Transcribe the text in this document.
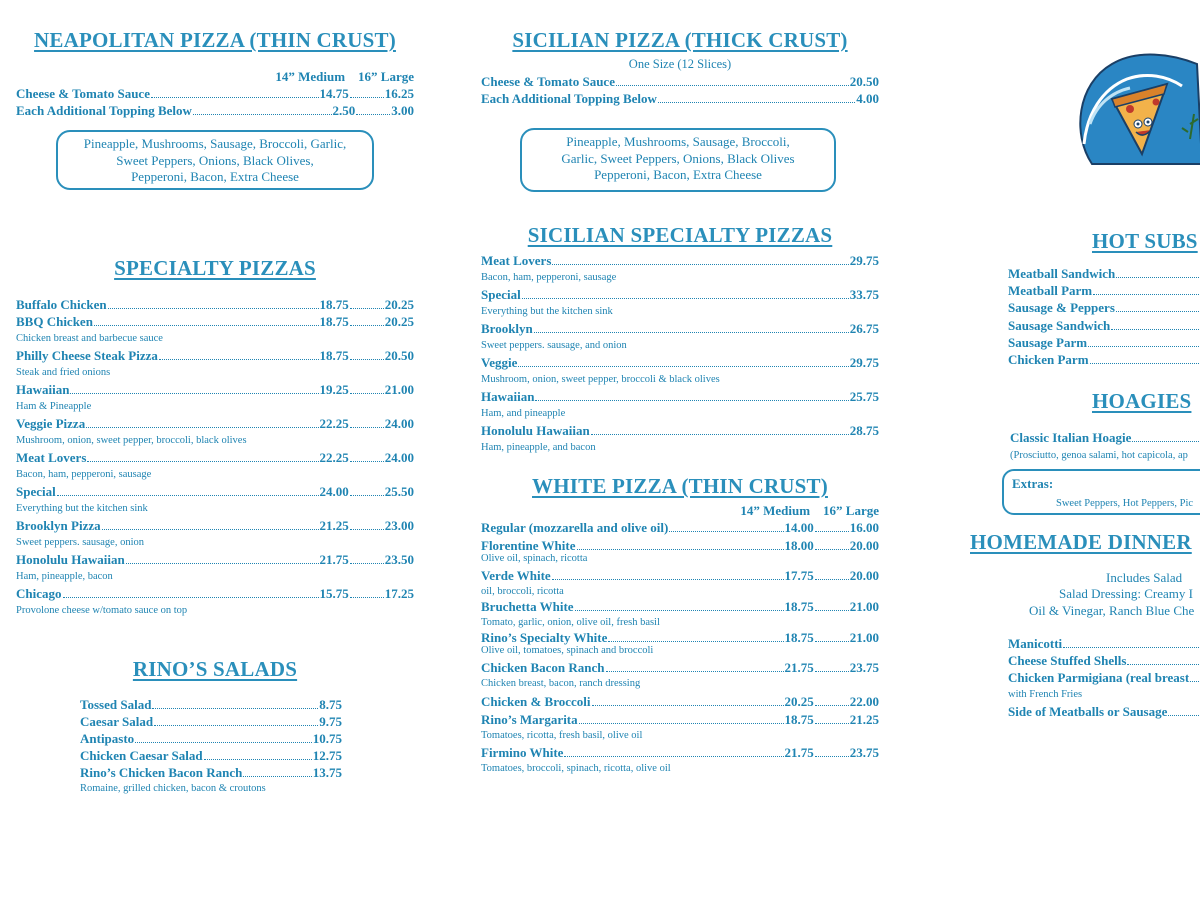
NEAPOLITAN PIZZA (THIN CRUST)
14” Medium 16” Large
Cheese & Tomato Sauce	14.75	16.25
Each Additional Topping Below	2.50	3.00
Pineapple, Mushrooms, Sausage, Broccoli, Garlic,
Sweet Peppers, Onions, Black Olives,
Pepperoni, Bacon, Extra Cheese
SPECIALTY PIZZAS
Buffalo Chicken	18.75	20.25
BBQ Chicken	18.75	20.25
Chicken breast and barbecue sauce
Philly Cheese Steak Pizza	18.75	20.50
Steak and fried onions
Hawaiian	19.25	21.00
Ham & Pineapple
Veggie Pizza	22.25	24.00
Mushroom, onion, sweet pepper, broccoli, black olives
Meat Lovers	22.25	24.00
Bacon, ham, pepperoni, sausage
Special	24.00	25.50
Everything but the kitchen sink
Brooklyn Pizza	21.25	23.00
Sweet peppers. sausage, onion
Honolulu Hawaiian	21.75	23.50
Ham, pineapple, bacon
Chicago	15.75	17.25
Provolone cheese w/tomato sauce on top
RINO’S SALADS
Tossed Salad	8.75
Caesar Salad	9.75
Antipasto	10.75
Chicken Caesar Salad	12.75
Rino’s Chicken Bacon Ranch	13.75
Romaine, grilled chicken, bacon & croutons
SICILIAN PIZZA (THICK CRUST)
One Size (12 Slices)
Cheese & Tomato Sauce	20.50
Each Additional Topping Below	4.00
Pineapple, Mushrooms, Sausage, Broccoli,
Garlic, Sweet Peppers, Onions, Black Olives
Pepperoni, Bacon, Extra Cheese
SICILIAN SPECIALTY PIZZAS
Meat Lovers	29.75
Bacon, ham, pepperoni, sausage
Special	33.75
Everything but the kitchen sink
Brooklyn	26.75
Sweet peppers. sausage, and onion
Veggie	29.75
Mushroom, onion, sweet pepper, broccoli & black olives
Hawaiian	25.75
Ham, and pineapple
Honolulu Hawaiian	28.75
Ham, pineapple, and bacon
WHITE PIZZA (THIN CRUST)
14” Medium 16” Large
Regular (mozzarella and olive oil)	14.00	16.00
Florentine White	18.00	20.00
Olive oil, spinach, ricotta
Verde White	17.75	20.00
oil, broccoli, ricotta
Bruchetta White	18.75	21.00
Tomato, garlic, onion, olive oil, fresh basil
Rino’s Specialty White	18.75	21.00
Olive oil, tomatoes, spinach and broccoli
Chicken Bacon Ranch	21.75	23.75
Chicken breast, bacon, ranch dressing
Chicken & Broccoli	20.25	22.00
Rino’s Margarita	18.75	21.25
Tomatoes, ricotta, fresh basil, olive oil
Firmino White	21.75	23.75
Tomatoes, broccoli, spinach, ricotta, olive oil
HOT SUBS
Meatball Sandwich
Meatball Parm
Sausage & Peppers
Sausage Sandwich
Sausage Parm
Chicken Parm
HOAGIES
Classic Italian Hoagie
(Prosciutto, genoa salami, hot capicola, ap
Extras:
Sweet Peppers, Hot Peppers, Pic
HOMEMADE DINNER
Includes Salad
Salad Dressing: Creamy I
Oil & Vinegar, Ranch Blue Che
Manicotti
Cheese Stuffed Shells
Chicken Parmigiana (real breast
with French Fries
Side of Meatballs or Sausage
